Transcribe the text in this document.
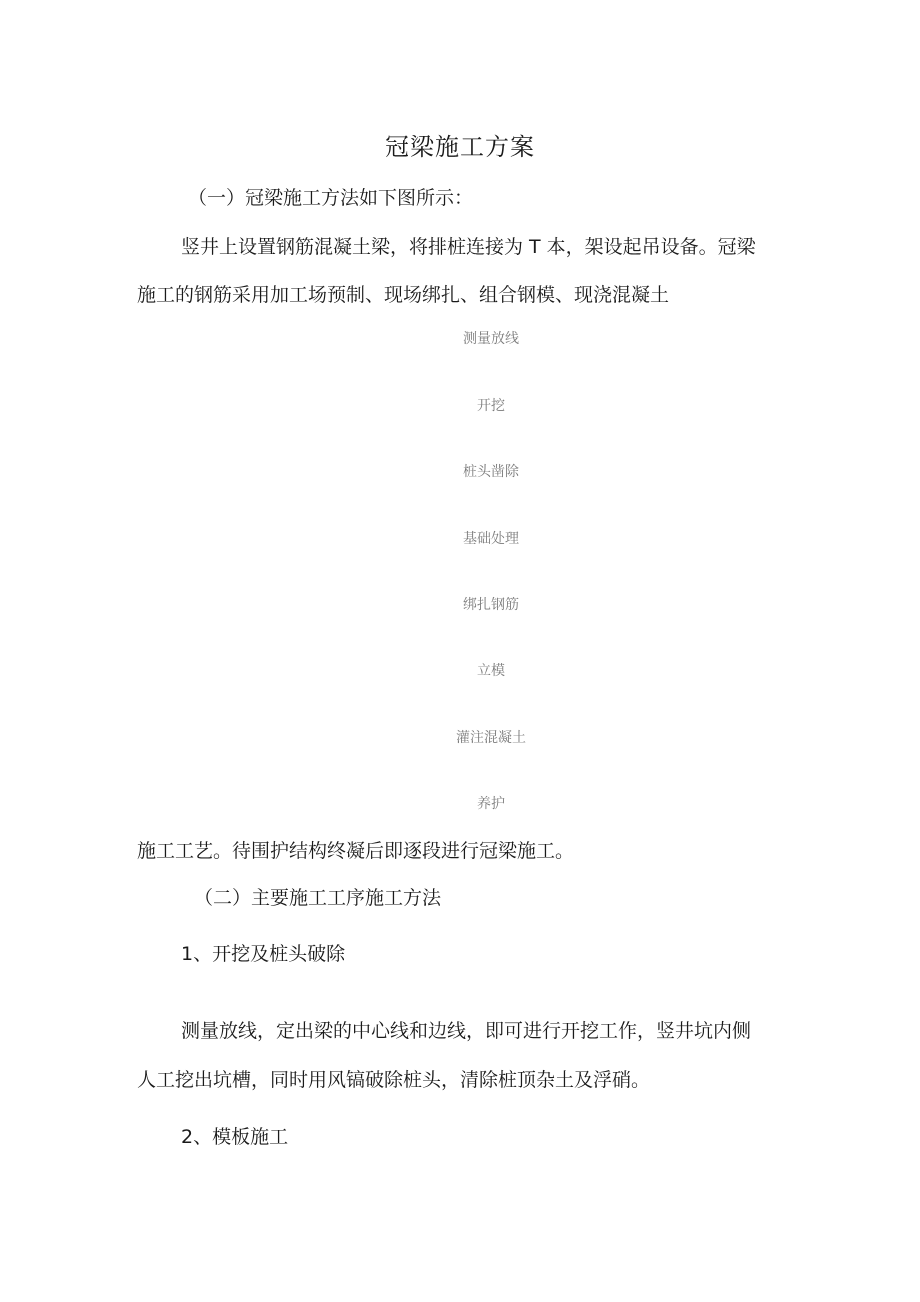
冠梁施工方案
（一）冠梁施工方法如下图所示：
竖井上设置钢筋混凝土梁，将排桩连接为 T 本，架设起吊设备。冠梁
施工的钢筋采用加工场预制、现场绑扎、组合钢模、现浇混凝土
测量放线
开挖
桩头凿除
基础处理
绑扎钢筋
立模
灌注混凝土
养护
施工工艺。待围护结构终凝后即逐段进行冠梁施工。
（二）主要施工工序施工方法
1、开挖及桩头破除
测量放线，定出梁的中心线和边线，即可进行开挖工作，竖井坑内侧
人工挖出坑槽，同时用风镐破除桩头，清除桩顶杂土及浮硝。
2、模板施工
